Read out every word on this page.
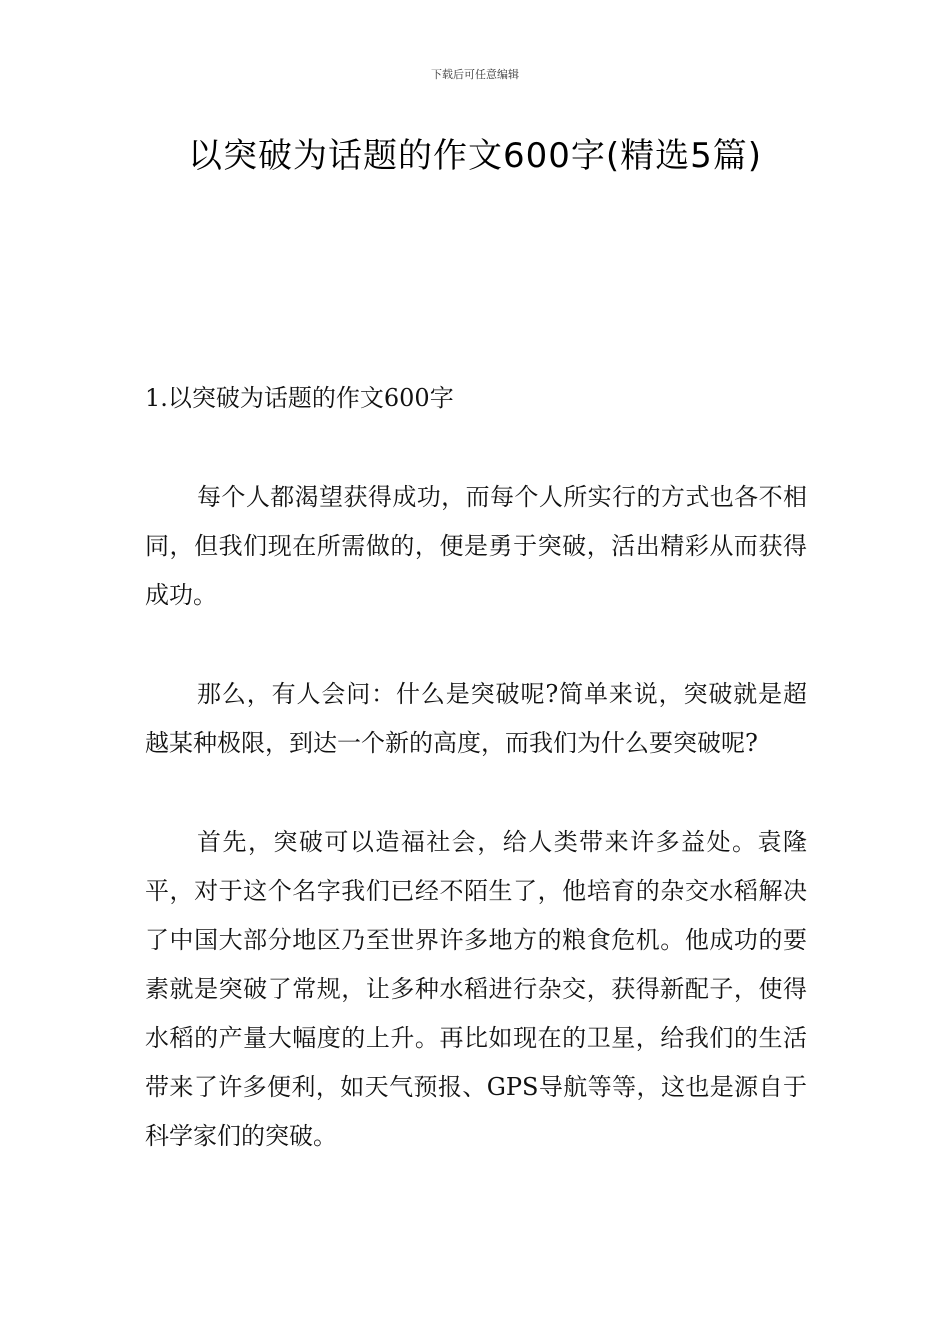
下载后可任意编辑
以突破为话题的作文600字(精选5篇)
1.以突破为话题的作文600字

每个人都渴望获得成功，而每个人所实行的方式也各不相同，但我们现在所需做的，便是勇于突破，活出精彩从而获得成功。

那么，有人会问：什么是突破呢?简单来说，突破就是超越某种极限，到达一个新的高度，而我们为什么要突破呢?

首先，突破可以造福社会，给人类带来许多益处。袁隆平，对于这个名字我们已经不陌生了，他培育的杂交水稻解决了中国大部分地区乃至世界许多地方的粮食危机。他成功的要素就是突破了常规，让多种水稻进行杂交，获得新配子，使得水稻的产量大幅度的上升。再比如现在的卫星，给我们的生活带来了许多便利，如天气预报、GPS导航等等，这也是源自于科学家们的突破。
